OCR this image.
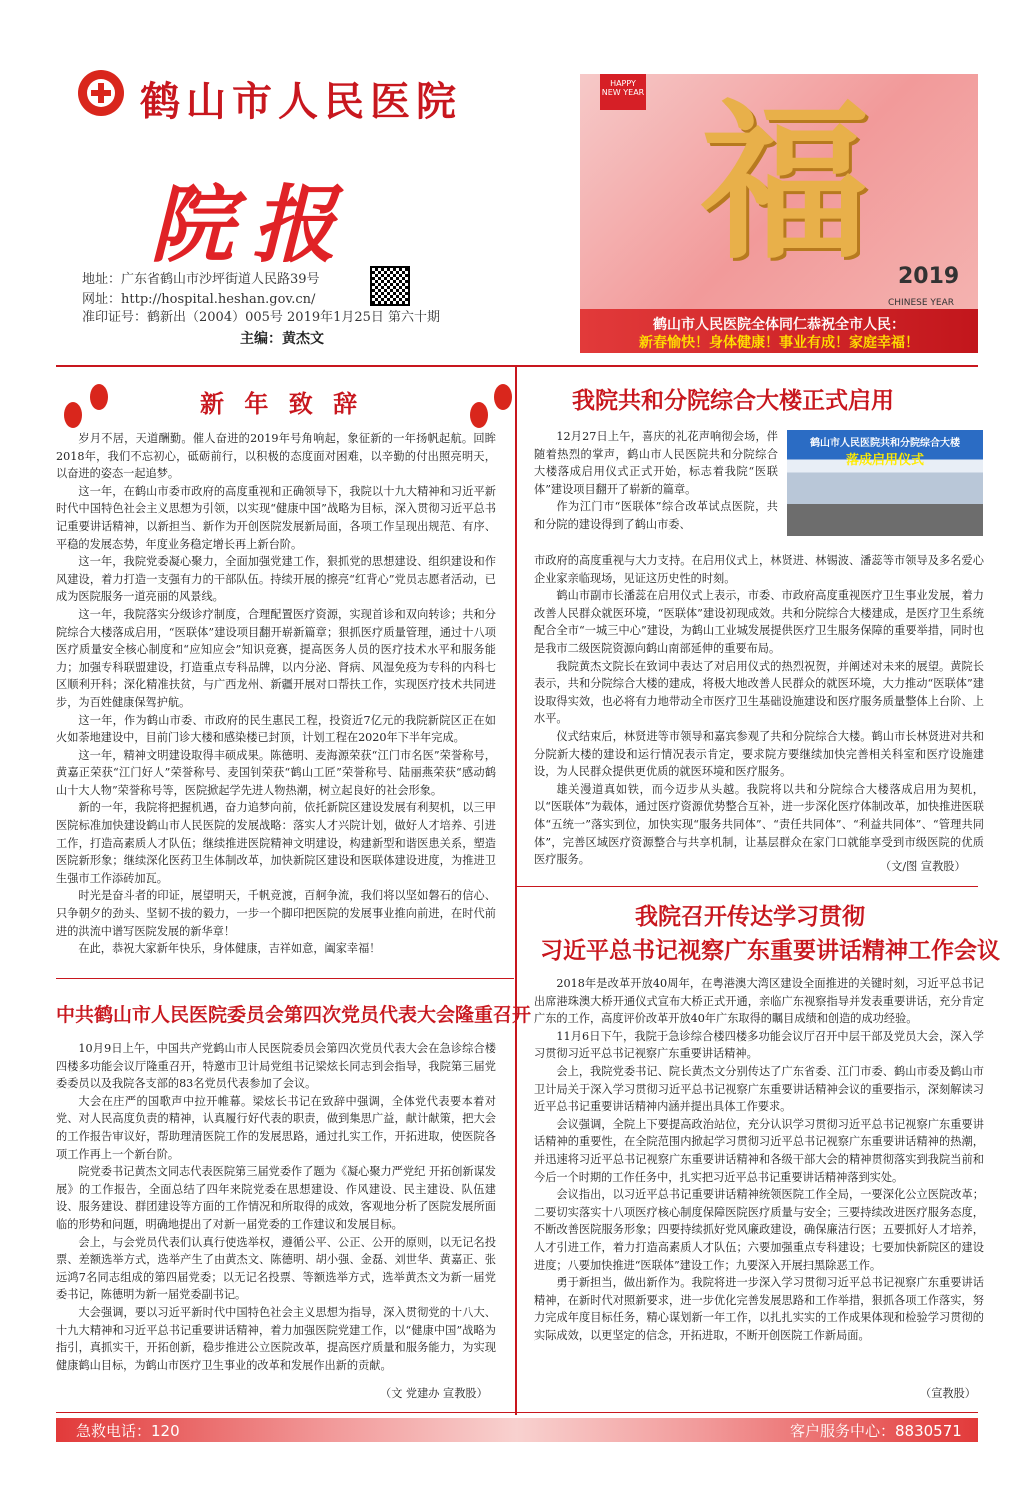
鹤山市人民医院
院报
地址：广东省鹤山市沙坪街道人民路39号
网址：http://hospital.heshan.gov.cn/
准印证号：鹤新出（2004）005号 2019年1月25日 第六十期
主编：黄杰文
HAPPY NEW YEAR 福 2019
CHINESE YEAR
鹤山市人民医院全体同仁恭祝全市人民：
新春愉快！身体健康！事业有成！家庭幸福！
新 年 致 辞

岁月不居，天道酬勤。催人奋进的2019年号角响起，象征新的一年扬帆起航。回眸2018年，我们不忘初心，砥砺前行，以积极的态度面对困难，以辛勤的付出照亮明天，以奋进的姿态一起追梦。

这一年，在鹤山市委市政府的高度重视和正确领导下，我院以十九大精神和习近平新时代中国特色社会主义思想为引领，以实现“健康中国”战略为目标，深入贯彻习近平总书记重要讲话精神，以新担当、新作为开创医院发展新局面，各项工作呈现出规范、有序、平稳的发展态势，年度业务稳定增长再上新台阶。

这一年，我院党委凝心聚力，全面加强党建工作，狠抓党的思想建设、组织建设和作风建设，着力打造一支强有力的干部队伍。持续开展的擦亮“红背心”党员志愿者活动，已成为医院服务一道亮丽的风景线。

这一年，我院落实分级诊疗制度，合理配置医疗资源，实现首诊和双向转诊；共和分院综合大楼落成启用，“医联体”建设项目翻开崭新篇章；狠抓医疗质量管理，通过十八项医疗质量安全核心制度和“应知应会”知识竞赛，提高医务人员的医疗技术水平和服务能力；加强专科联盟建设，打造重点专科品牌，以内分泌、肾病、风湿免疫为专科的内科七区顺利开科；深化精准扶贫，与广西龙州、新疆开展对口帮扶工作，实现医疗技术共同进步，为百姓健康保驾护航。

这一年，作为鹤山市委、市政府的民生惠民工程，投资近7亿元的我院新院区正在如火如荼地建设中，目前门诊大楼和感染楼已封顶，计划工程在2020年下半年完成。

这一年，精神文明建设取得丰硕成果。陈德明、麦海源荣获“江门市名医”荣誉称号，黄嘉正荣获“江门好人”荣誉称号、麦国钊荣获“鹤山工匠”荣誉称号、陆丽燕荣获“感动鹤山十大人物”荣誉称号等，医院掀起学先进人物热潮，树立起良好的社会形象。

新的一年，我院将把握机遇，奋力追梦向前，依托新院区建设发展有利契机，以三甲医院标准加快建设鹤山市人民医院的发展战略：落实人才兴院计划，做好人才培养、引进工作，打造高素质人才队伍；继续推进医院精神文明建设，构建新型和谐医患关系，塑造医院新形象；继续深化医药卫生体制改革，加快新院区建设和医联体建设进度，为推进卫生强市工作添砖加瓦。

时光是奋斗者的印证，展望明天，千帆竞渡，百舸争流，我们将以坚如磐石的信心、只争朝夕的劲头、坚韧不拔的毅力，一步一个脚印把医院的发展事业推向前进，在时代前进的洪流中谱写医院发展的新华章！

在此，恭祝大家新年快乐，身体健康，吉祥如意，阖家幸福！

中共鹤山市人民医院委员会第四次党员代表大会隆重召开

10月9日上午，中国共产党鹤山市人民医院委员会第四次党员代表大会在急诊综合楼四楼多功能会议厅隆重召开，特邀市卫计局党组书记梁炫长同志到会指导，我院第三届党委委员以及我院各支部的83名党员代表参加了会议。

大会在庄严的国歌声中拉开帷幕。梁炫长书记在致辞中强调，全体党代表要本着对党、对人民高度负责的精神，认真履行好代表的职责，做到集思广益，献计献策，把大会的工作报告审议好，帮助理清医院工作的发展思路，通过扎实工作，开拓进取，使医院各项工作再上一个新台阶。

院党委书记黄杰文同志代表医院第三届党委作了题为《凝心聚力严党纪 开拓创新谋发展》的工作报告，全面总结了四年来院党委在思想建设、作风建设、民主建设、队伍建设、服务建设、群团建设等方面的工作情况和所取得的成效，客观地分析了医院发展所面临的形势和问题，明确地提出了对新一届党委的工作建议和发展目标。

会上，与会党员代表们认真行使选举权，遵循公平、公正、公开的原则，以无记名投票、差额选举方式，选举产生了由黄杰文、陈德明、胡小强、金磊、刘世华、黄嘉正、张远鸿7名同志组成的第四届党委；以无记名投票、等额选举方式，选举黄杰文为新一届党委书记，陈德明为新一届党委副书记。

大会强调，要以习近平新时代中国特色社会主义思想为指导，深入贯彻党的十八大、十九大精神和习近平总书记重要讲话精神，着力加强医院党建工作，以“健康中国”战略为指引，真抓实干，开拓创新，稳步推进公立医院改革，提高医疗质量和服务能力，为实现健康鹤山目标，为鹤山市医疗卫生事业的改革和发展作出新的贡献。

（文 党建办 宣教股）
我院共和分院综合大楼正式启用
鹤山市人民医院共和分院综合大楼
落成启用仪式

12月27日上午，喜庆的礼花声响彻会场，伴随着热烈的掌声，鹤山市人民医院共和分院综合大楼落成启用仪式正式开始，标志着我院“医联体”建设项目翻开了崭新的篇章。

作为江门市“医联体”综合改革试点医院，共和分院的建设得到了鹤山市委、

市政府的高度重视与大力支持。在启用仪式上，林贤进、林锡波、潘蕊等市领导及多名爱心企业家亲临现场，见证这历史性的时刻。

鹤山市副市长潘蕊在启用仪式上表示，市委、市政府高度重视医疗卫生事业发展，着力改善人民群众就医环境，“医联体”建设初现成效。共和分院综合大楼建成，是医疗卫生系统配合全市“一城三中心”建设，为鹤山工业城发展提供医疗卫生服务保障的重要举措，同时也是我市二级医院资源向鹤山南部延伸的重要布局。

我院黄杰文院长在致词中表达了对启用仪式的热烈祝贺，并阐述对未来的展望。黄院长表示，共和分院综合大楼的建成，将极大地改善人民群众的就医环境，大力推动“医联体”建设取得实效，也必将有力地带动全市医疗卫生基础设施建设和医疗服务质量整体上台阶、上水平。

仪式结束后，林贤进等市领导和嘉宾参观了共和分院综合大楼。鹤山市长林贤进对共和分院新大楼的建设和运行情况表示肯定，要求院方要继续加快完善相关科室和医疗设施建设，为人民群众提供更优质的就医环境和医疗服务。

雄关漫道真如铁，而今迈步从头越。我院将以共和分院综合大楼落成启用为契机，以“医联体”为载体，通过医疗资源优势整合互补，进一步深化医疗体制改革，加快推进医联体“五统一”落实到位，加快实现“服务共同体”、“责任共同体”、“利益共同体”、“管理共同体”，完善区域医疗资源整合与共享机制，让基层群众在家门口就能享受到市级医院的优质医疗服务。

（文/图 宣教股）
我院召开传达学习贯彻
习近平总书记视察广东重要讲话精神工作会议

2018年是改革开放40周年，在粤港澳大湾区建设全面推进的关键时刻，习近平总书记出席港珠澳大桥开通仪式宣布大桥正式开通，亲临广东视察指导并发表重要讲话，充分肯定广东的工作，高度评价改革开放40年广东取得的瞩目成绩和创造的成功经验。

11月6日下午，我院于急诊综合楼四楼多功能会议厅召开中层干部及党员大会，深入学习贯彻习近平总书记视察广东重要讲话精神。

会上，我院党委书记、院长黄杰文分别传达了广东省委、江门市委、鹤山市委及鹤山市卫计局关于深入学习贯彻习近平总书记视察广东重要讲话精神会议的重要指示，深刻解读习近平总书记重要讲话精神内涵并提出具体工作要求。

会议强调，全院上下要提高政治站位，充分认识学习贯彻习近平总书记视察广东重要讲话精神的重要性，在全院范围内掀起学习贯彻习近平总书记视察广东重要讲话精神的热潮，并迅速将习近平总书记视察广东重要讲话精神和各级干部大会的精神贯彻落实到我院当前和今后一个时期的工作任务中，扎实把习近平总书记重要讲话精神落到实处。

会议指出，以习近平总书记重要讲话精神统领医院工作全局，一要深化公立医院改革；二要切实落实十八项医疗核心制度保障医院医疗质量与安全；三要持续改进医疗服务态度，不断改善医院服务形象；四要持续抓好党风廉政建设，确保廉洁行医；五要抓好人才培养，人才引进工作，着力打造高素质人才队伍；六要加强重点专科建设；七要加快新院区的建设进度；八要加快推进“医联体”建设工作；九要深入开展扫黑除恶工作。

勇于新担当，做出新作为。我院将进一步深入学习贯彻习近平总书记视察广东重要讲话精神，在新时代对照新要求，进一步优化完善发展思路和工作举措，狠抓各项工作落实，努力完成年度目标任务，精心谋划新一年工作，以扎扎实实的工作成果体现和检验学习贯彻的实际成效，以更坚定的信念，开拓进取，不断开创医院工作新局面。

（宣教股）
急救电话：120	客户服务中心：8830571
